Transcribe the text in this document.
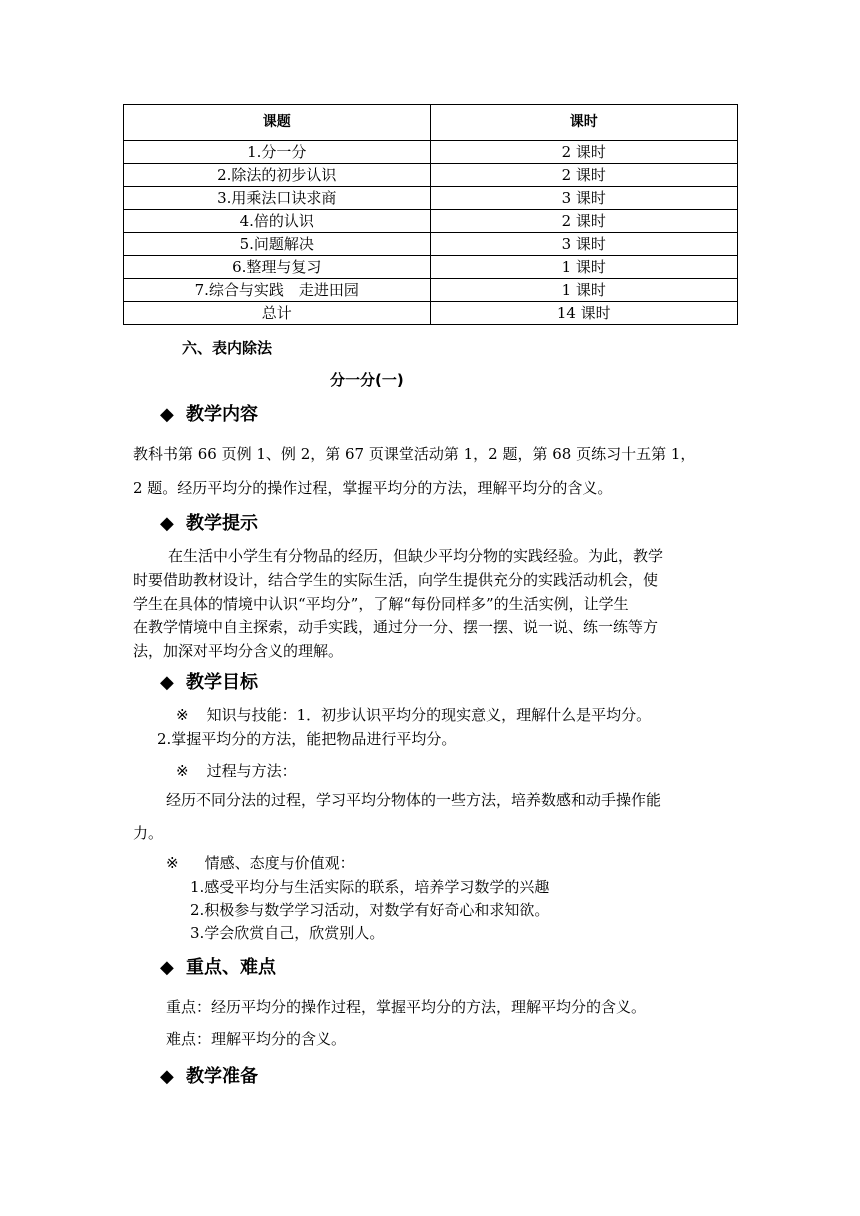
课题	课时
1.分一分	2 课时
2.除法的初步认识	2 课时
3.用乘法口诀求商	3 课时
4.倍的认识	2 课时
5.问题解决	3 课时
6.整理与复习	1 课时
7.综合与实践　走进田园	1 课时
总计	14 课时
六、表内除法
分一分(一)
◆ 教学内容
教科书第 66 页例 1、例 2，第 67 页课堂活动第 1，2 题，第 68 页练习十五第 1，
2 题。经历平均分的操作过程，掌握平均分的方法，理解平均分的含义。
◆ 教学提示
在生活中小学生有分物品的经历，但缺少平均分物的实践经验。为此，教学
时要借助教材设计，结合学生的实际生活，向学生提供充分的实践活动机会，使
学生在具体的情境中认识“平均分”，了解“每份同样多”的生活实例，让学生
在教学情境中自主探索，动手实践，通过分一分、摆一摆、说一说、练一练等方
法，加深对平均分含义的理解。
◆ 教学目标
※ 知识与技能：1．初步认识平均分的现实意义，理解什么是平均分。
2.掌握平均分的方法，能把物品进行平均分。
※ 过程与方法：
经历不同分法的过程，学习平均分物体的一些方法，培养数感和动手操作能
力。
※ 情感、态度与价值观：
1.感受平均分与生活实际的联系，培养学习数学的兴趣
2.积极参与数学学习活动，对数学有好奇心和求知欲。
3.学会欣赏自己，欣赏别人。
◆ 重点、难点
重点：经历平均分的操作过程，掌握平均分的方法，理解平均分的含义。
难点：理解平均分的含义。
◆ 教学准备
